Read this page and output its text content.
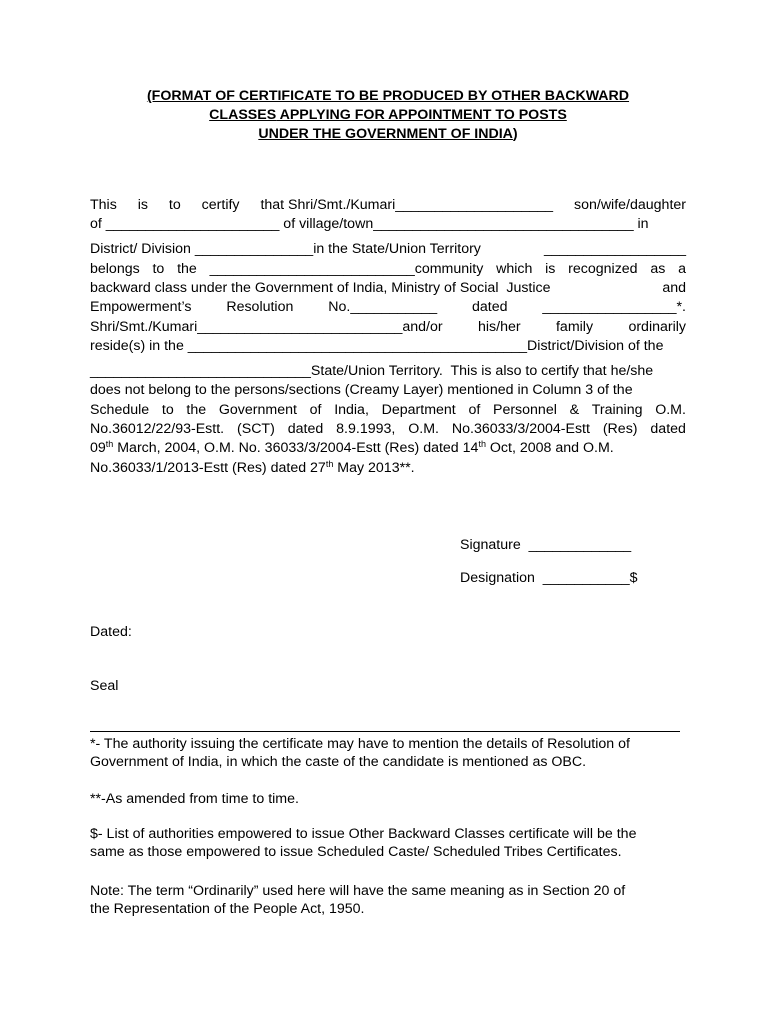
(FORMAT OF CERTIFICATE TO BE PRODUCED BY OTHER BACKWARD
CLASSES APPLYING FOR APPOINTMENT TO POSTS
UNDER THE GOVERNMENT OF INDIA)
This is to certify that Shri/Smt./Kumari____________________ son/wife/daughter
of ______________________ of village/town_________________________________ in
District/ Division _______________in the State/Union Territory	__________________
belongs to the __________________________community which is recognized as a
backward class under the Government of India, Ministry of Social  Justice	and
Empowerment’s Resolution No.___________ dated _________________*.
Shri/Smt./Kumari__________________________and/or his/her family ordinarily
reside(s) in the ___________________________________________District/Division of the
____________________________State/Union Territory.  This is also to certify that he/she
does not belong to the persons/sections (Creamy Layer) mentioned in Column 3 of the
Schedule to the Government of India, Department of Personnel & Training O.M.
No.36012/22/93-Estt. (SCT) dated 8.9.1993, O.M. No.36033/3/2004-Estt (Res) dated
09th March, 2004, O.M. No. 36033/3/2004-Estt (Res) dated 14th Oct, 2008 and O.M.
No.36033/1/2013-Estt (Res) dated 27th May 2013**.
Signature  _____________
Designation  ___________$
Dated:
Seal
*- The authority issuing the certificate may have to mention the details of Resolution of
Government of India, in which the caste of the candidate is mentioned as OBC.
**-As amended from time to time.
$- List of authorities empowered to issue Other Backward Classes certificate will be the
same as those empowered to issue Scheduled Caste/ Scheduled Tribes Certificates.
Note: The term “Ordinarily” used here will have the same meaning as in Section 20 of
the Representation of the People Act, 1950.
